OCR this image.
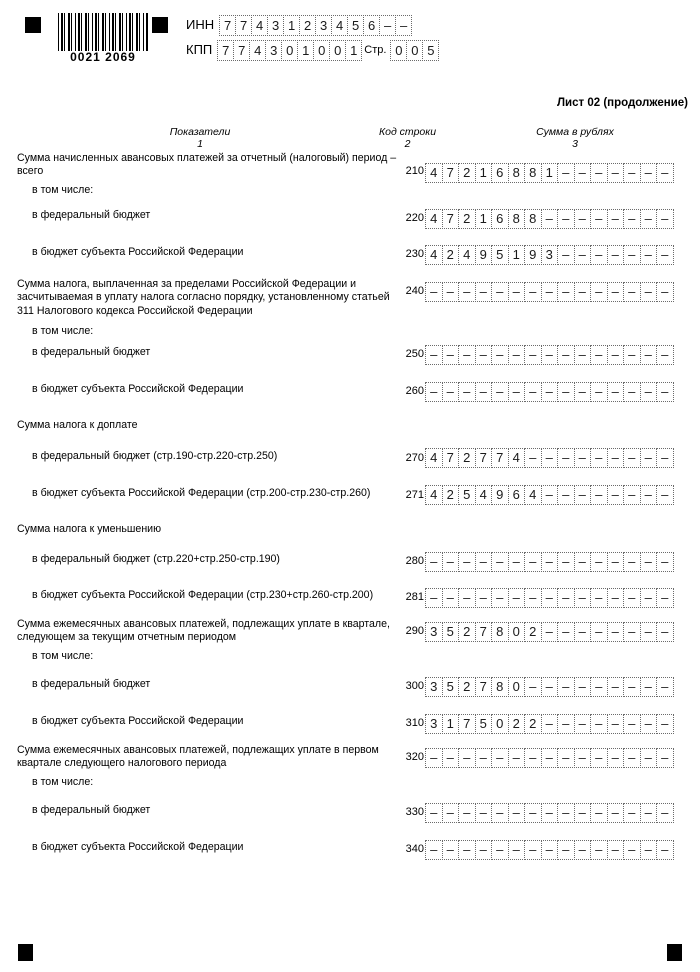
0021 2069
ИНН 7 7 4 3 1 2 3 4 5 6 – –
КПП 7 7 4 3 0 1 0 0 1 Стр. 0 0 5
Лист 02 (продолжение)
Показатели
1
Код строки
2
Сумма в рублях
3
Сумма начисленных авансовых платежей за отчетный (налоговый) период – всего	210 4 7 2 1 6 8 8 1 – – – – – – –
в том числе:
в федеральный бюджет	220 4 7 2 1 6 8 8 – – – – – – – –
в бюджет субъекта Российской Федерации	230 4 2 4 9 5 1 9 3 – – – – – – –
Сумма налога, выплаченная за пределами Российской Федерации и засчитываемая в уплату налога согласно порядку, установленному статьей 311 Налогового кодекса Российской Федерации
240 – – – – – – – – – – – – – – –
в том числе:
в федеральный бюджет	250 – – – – – – – – – – – – – – –
в бюджет субъекта Российской Федерации	260 – – – – – – – – – – – – – – –
Сумма налога к доплате
в федеральный бюджет (стр.190-стр.220-стр.250)	270 4 7 2 7 7 4 – – – – – – – – –
в бюджет субъекта Российской Федерации (стр.200-стр.230-стр.260)	271 4 2 5 4 9 6 4 – – – – – – – –
Сумма налога к уменьшению
в федеральный бюджет (стр.220+стр.250-стр.190)	280 – – – – – – – – – – – – – – –
в бюджет субъекта Российской Федерации (стр.230+стр.260-стр.200)	281 – – – – – – – – – – – – – – –
Сумма ежемесячных авансовых платежей, подлежащих уплате в квартале, следующем за текущим отчетным периодом
290 3 5 2 7 8 0 2 – – – – – – – –
в том числе:
в федеральный бюджет	300 3 5 2 7 8 0 – – – – – – – – –
в бюджет субъекта Российской Федерации	310 3 1 7 5 0 2 2 – – – – – – – –
Сумма ежемесячных авансовых платежей, подлежащих уплате в первом квартале следующего налогового периода
320 – – – – – – – – – – – – – – –
в том числе:
в федеральный бюджет	330 – – – – – – – – – – – – – – –
в бюджет субъекта Российской Федерации	340 – – – – – – – – – – – – – – –
